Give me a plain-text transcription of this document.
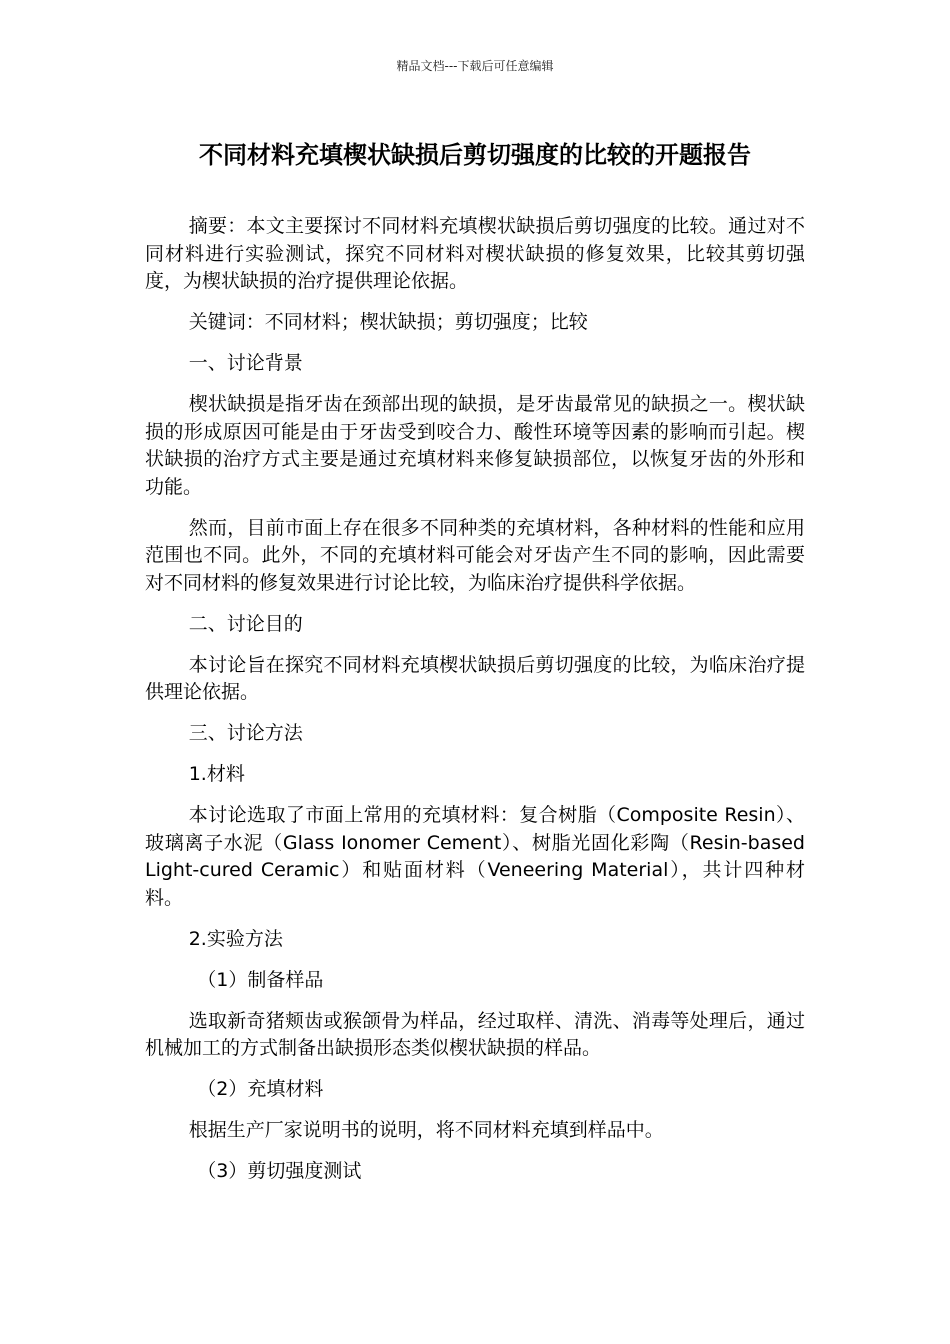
精品文档---下载后可任意编辑
不同材料充填楔状缺损后剪切强度的比较的开题报告

摘要：本文主要探讨不同材料充填楔状缺损后剪切强度的比较。通过对不同材料进行实验测试，探究不同材料对楔状缺损的修复效果，比较其剪切强度，为楔状缺损的治疗提供理论依据。

关键词：不同材料；楔状缺损；剪切强度；比较

一、讨论背景

楔状缺损是指牙齿在颈部出现的缺损，是牙齿最常见的缺损之一。楔状缺损的形成原因可能是由于牙齿受到咬合力、酸性环境等因素的影响而引起。楔状缺损的治疗方式主要是通过充填材料来修复缺损部位，以恢复牙齿的外形和功能。

然而，目前市面上存在很多不同种类的充填材料，各种材料的性能和应用范围也不同。此外，不同的充填材料可能会对牙齿产生不同的影响，因此需要对不同材料的修复效果进行讨论比较，为临床治疗提供科学依据。

二、讨论目的

本讨论旨在探究不同材料充填楔状缺损后剪切强度的比较，为临床治疗提供理论依据。

三、讨论方法

1.材料

本讨论选取了市面上常用的充填材料：复合树脂（Composite Resin）、玻璃离子水泥（Glass Ionomer Cement）、树脂光固化彩陶（Resin-based Light-cured Ceramic）和贴面材料（Veneering Material），共计四种材料。

2.实验方法

（1）制备样品

选取新奇猪颊齿或猴颌骨为样品，经过取样、清洗、消毒等处理后，通过机械加工的方式制备出缺损形态类似楔状缺损的样品。

（2）充填材料

根据生产厂家说明书的说明，将不同材料充填到样品中。

（3）剪切强度测试
